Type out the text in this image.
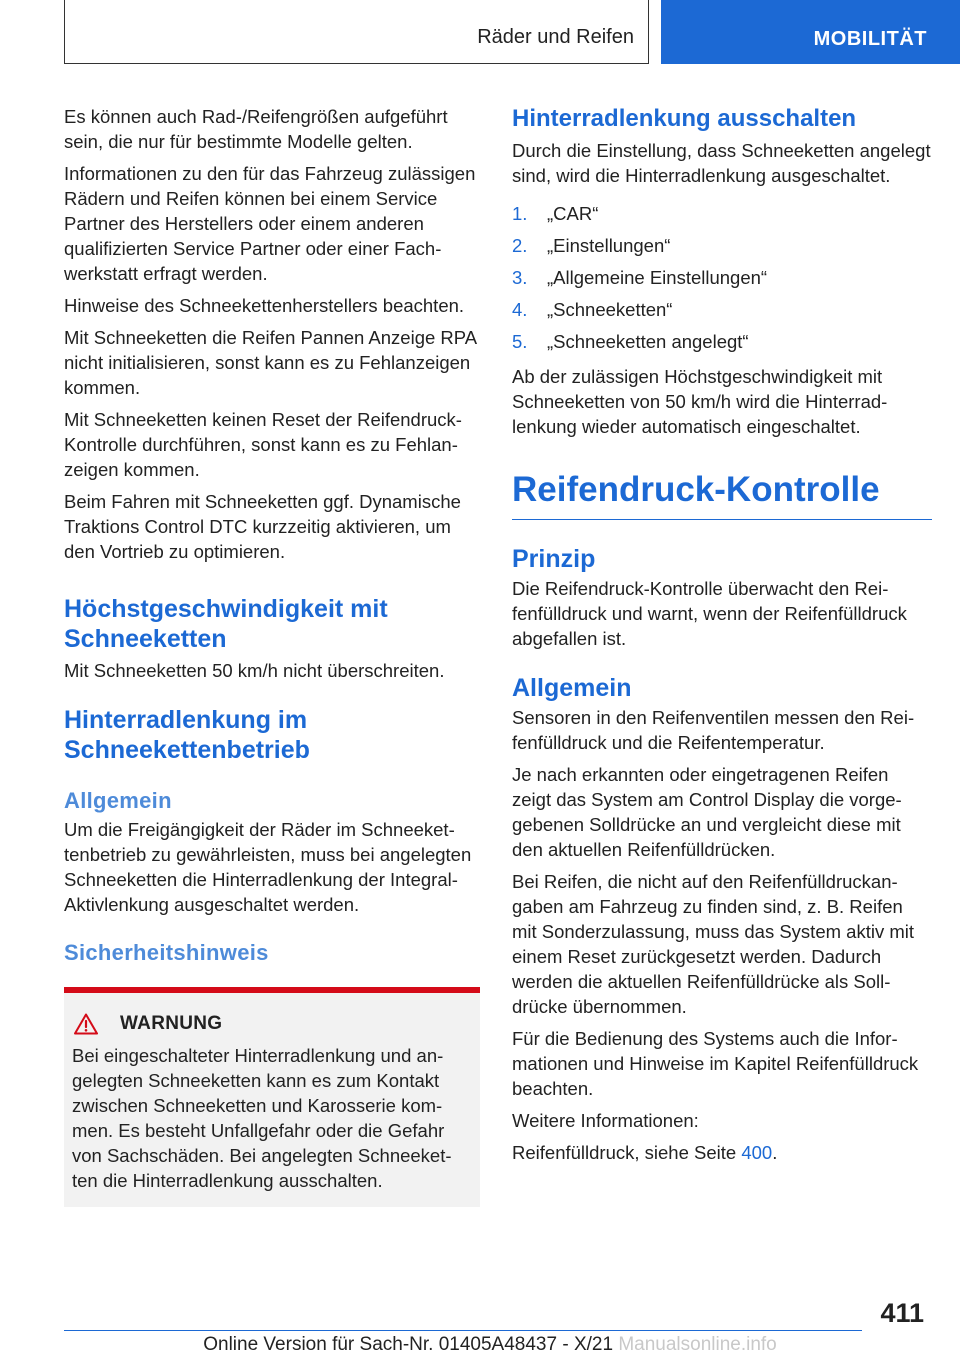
Räder und Reifen	MOBILITÄT

Es können auch Rad-/Reifengrößen aufgeführt sein, die nur für bestimmte Modelle gelten.

Informationen zu den für das Fahrzeug zulässigen Rädern und Reifen können bei einem Service Partner des Herstellers oder einem anderen qualifizierten Service Partner oder einer Fachwerkstatt erfragt werden.

Hinweise des Schneekettenherstellers beachten.

Mit Schneeketten die Reifen Pannen Anzeige RPA nicht initialisieren, sonst kann es zu Fehlanzeigen kommen.

Mit Schneeketten keinen Reset der Reifendruck-Kontrolle durchführen, sonst kann es zu Fehlanzeigen kommen.

Beim Fahren mit Schneeketten ggf. Dynamische Traktions Control DTC kurzzeitig aktivieren, um den Vortrieb zu optimieren.

Höchstgeschwindigkeit mit Schneeketten

Mit Schneeketten 50 km/h nicht überschreiten.

Hinterradlenkung im Schneekettenbetrieb
Allgemein

Um die Freigängigkeit der Räder im Schneekettenbetrieb zu gewährleisten, muss bei angelegten Schneeketten die Hinterradlenkung der Integral-Aktivlenkung ausgeschaltet werden.

Sicherheitshinweis
WARNUNG

Bei eingeschalteter Hinterradlenkung und angelegten Schneeketten kann es zum Kontakt zwischen Schneeketten und Karosserie kommen. Es besteht Unfallgefahr oder die Gefahr von Sachschäden. Bei angelegten Schneeketten die Hinterradlenkung ausschalten.

Hinterradlenkung ausschalten

Durch die Einstellung, dass Schneeketten angelegt sind, wird die Hinterradlenkung ausgeschaltet.

1. „CAR“
2. „Einstellungen“
3. „Allgemeine Einstellungen“
4. „Schneeketten“
5. „Schneeketten angelegt“

Ab der zulässigen Höchstgeschwindigkeit mit Schneeketten von 50 km/h wird die Hinterradlenkung wieder automatisch eingeschaltet.

Reifendruck-Kontrolle
Prinzip

Die Reifendruck-Kontrolle überwacht den Reifenfülldruck und warnt, wenn der Reifenfülldruck abgefallen ist.

Allgemein

Sensoren in den Reifenventilen messen den Reifenfülldruck und die Reifentemperatur.

Je nach erkannten oder eingetragenen Reifen zeigt das System am Control Display die vorgegebenen Solldrücke an und vergleicht diese mit den aktuellen Reifenfülldrücken.

Bei Reifen, die nicht auf den Reifenfülldruckangaben am Fahrzeug zu finden sind, z. B. Reifen mit Sonderzulassung, muss das System aktiv mit einem Reset zurückgesetzt werden. Dadurch werden die aktuellen Reifenfülldrücke als Solldrücke übernommen.

Für die Bedienung des Systems auch die Informationen und Hinweise im Kapitel Reifenfülldruck beachten.

Weitere Informationen:

Reifenfülldruck, siehe Seite 400.

411
Online Version für Sach-Nr. 01405A48437 - X/21 Manualsonline.info
